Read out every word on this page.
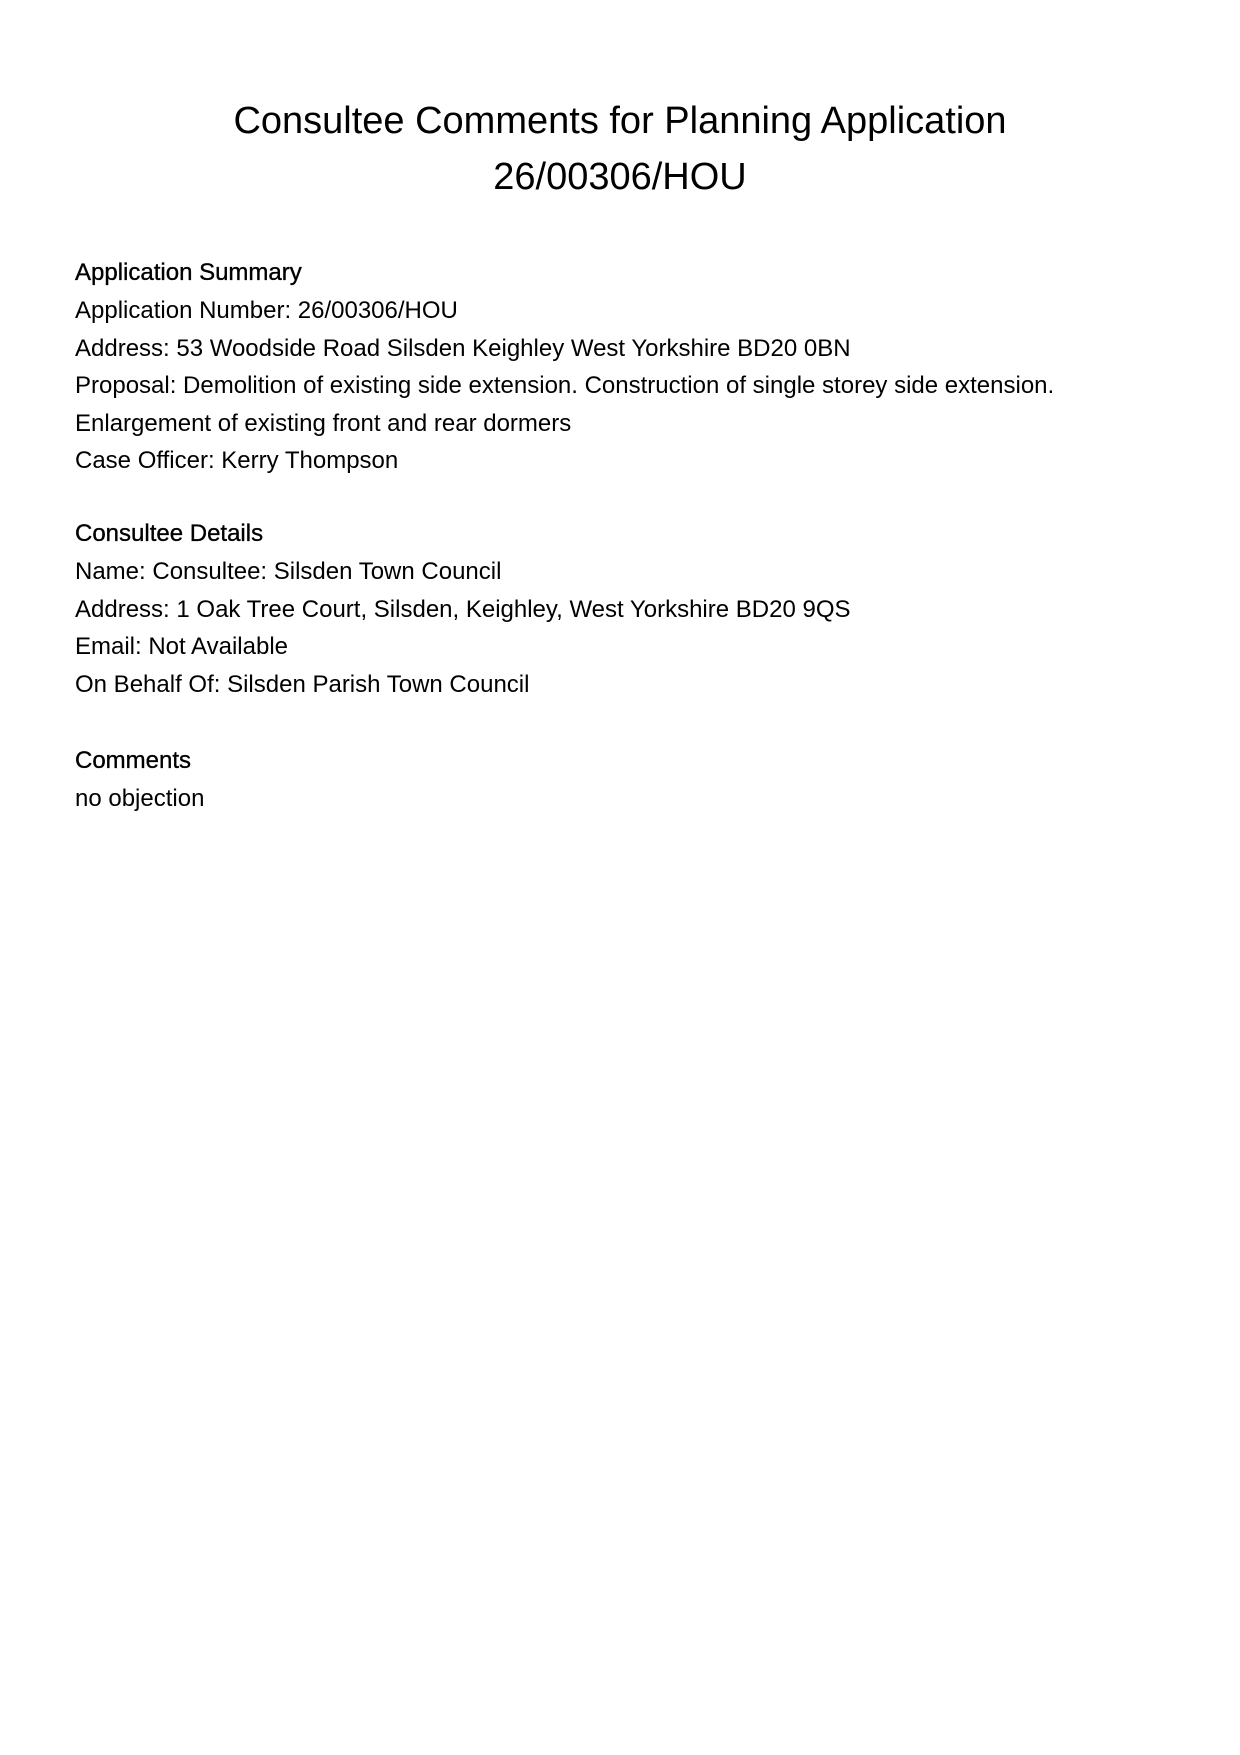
Consultee Comments for Planning Application
26/00306/HOU

Application Summary

Application Number: 26/00306/HOU

Address: 53 Woodside Road Silsden Keighley West Yorkshire BD20 0BN

Proposal: Demolition of existing side extension. Construction of single storey side extension.

Enlargement of existing front and rear dormers

Case Officer: Kerry Thompson

Consultee Details

Name: Consultee: Silsden Town Council

Address: 1 Oak Tree Court, Silsden, Keighley, West Yorkshire BD20 9QS

Email: Not Available

On Behalf Of: Silsden Parish Town Council

Comments

no objection
